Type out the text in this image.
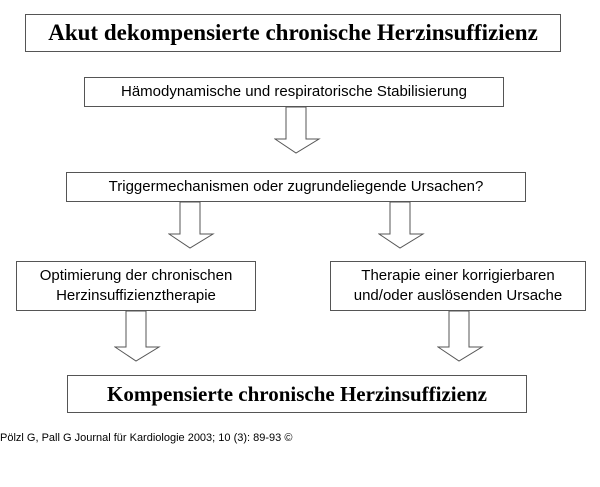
Akut dekompensierte chronische Herzinsuffizienz
Hämodynamische und respiratorische Stabilisierung
Triggermechanismen oder zugrundeliegende Ursachen?
Optimierung der chronischen Herzinsuffizienztherapie
Therapie einer korrigierbaren und/oder auslösenden Ursache
Kompensierte chronische Herzinsuffizienz
Pölzl G, Pall G Journal für Kardiologie 2003; 10 (3): 89-93 ©
